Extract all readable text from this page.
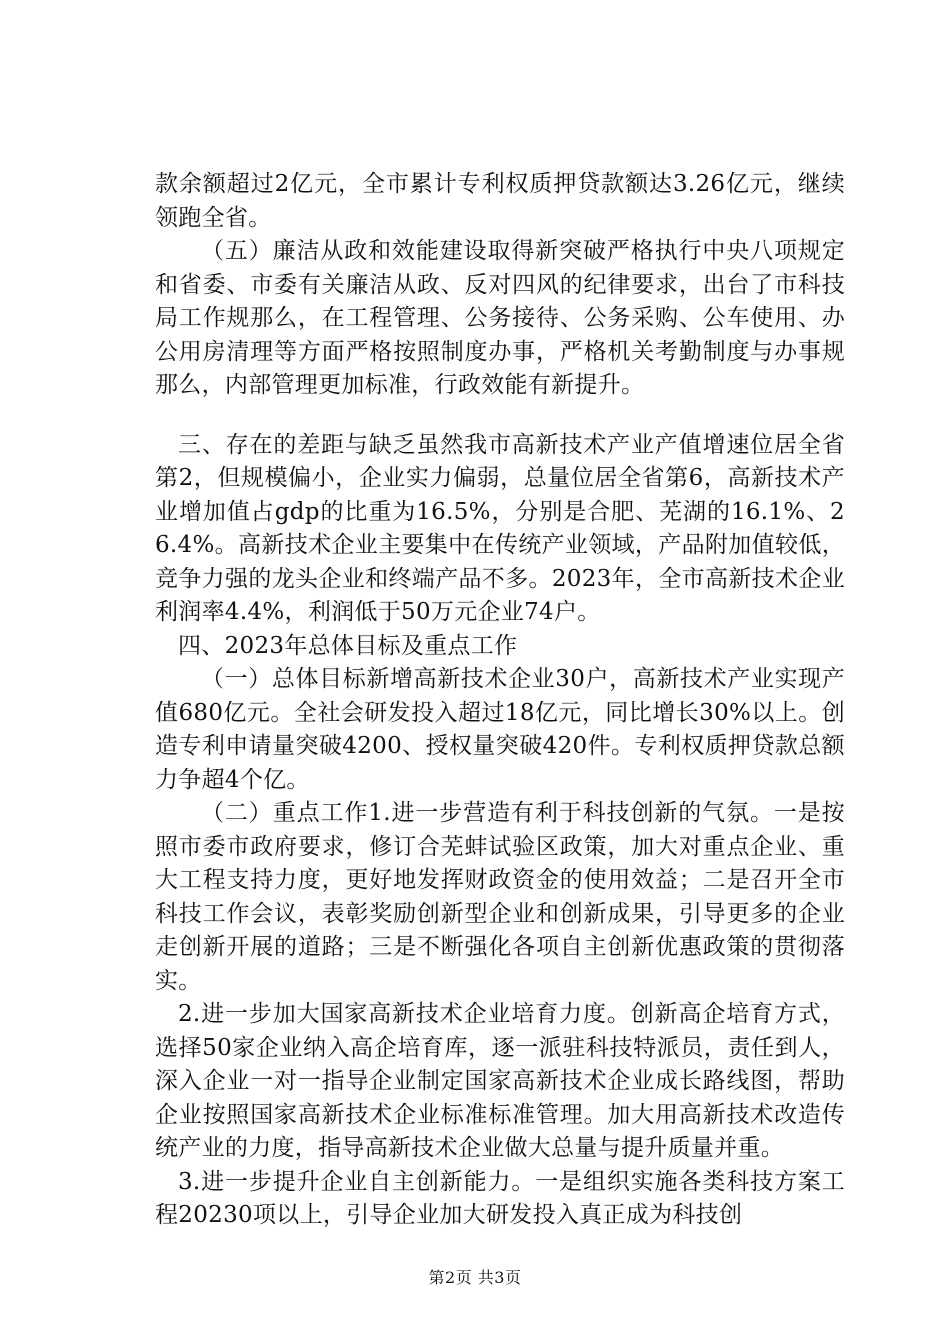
款余额超过2亿元，全市累计专利权质押贷款额达3.26亿元，继续领跑全省。

（五）廉洁从政和效能建设取得新突破严格执行中央八项规定和省委、市委有关廉洁从政、反对四风的纪律要求，出台了市科技局工作规那么，在工程管理、公务接待、公务采购、公车使用、办公用房清理等方面严格按照制度办事，严格机关考勤制度与办事规那么，内部管理更加标准，行政效能有新提升。

三、存在的差距与缺乏虽然我市高新技术产业产值增速位居全省第2，但规模偏小，企业实力偏弱，总量位居全省第6，高新技术产业增加值占gdp的比重为16.5%，分别是合肥、芜湖的16.1%、26.4%。高新技术企业主要集中在传统产业领域，产品附加值较低，竞争力强的龙头企业和终端产品不多。2023年，全市高新技术企业利润率4.4%，利润低于50万元企业74户。

四、2023年总体目标及重点工作

（一）总体目标新增高新技术企业30户，高新技术产业实现产值680亿元。全社会研发投入超过18亿元，同比增长30%以上。创造专利申请量突破4200、授权量突破420件。专利权质押贷款总额力争超4个亿。

（二）重点工作1.进一步营造有利于科技创新的气氛。一是按照市委市政府要求，修订合芜蚌试验区政策，加大对重点企业、重大工程支持力度，更好地发挥财政资金的使用效益；二是召开全市科技工作会议，表彰奖励创新型企业和创新成果，引导更多的企业走创新开展的道路；三是不断强化各项自主创新优惠政策的贯彻落实。

2.进一步加大国家高新技术企业培育力度。创新高企培育方式，选择50家企业纳入高企培育库，逐一派驻科技特派员，责任到人，深入企业一对一指导企业制定国家高新技术企业成长路线图，帮助企业按照国家高新技术企业标准标准管理。加大用高新技术改造传统产业的力度，指导高新技术企业做大总量与提升质量并重。

3.进一步提升企业自主创新能力。一是组织实施各类科技方案工程20230项以上，引导企业加大研发投入真正成为科技创

第2页 共3页
